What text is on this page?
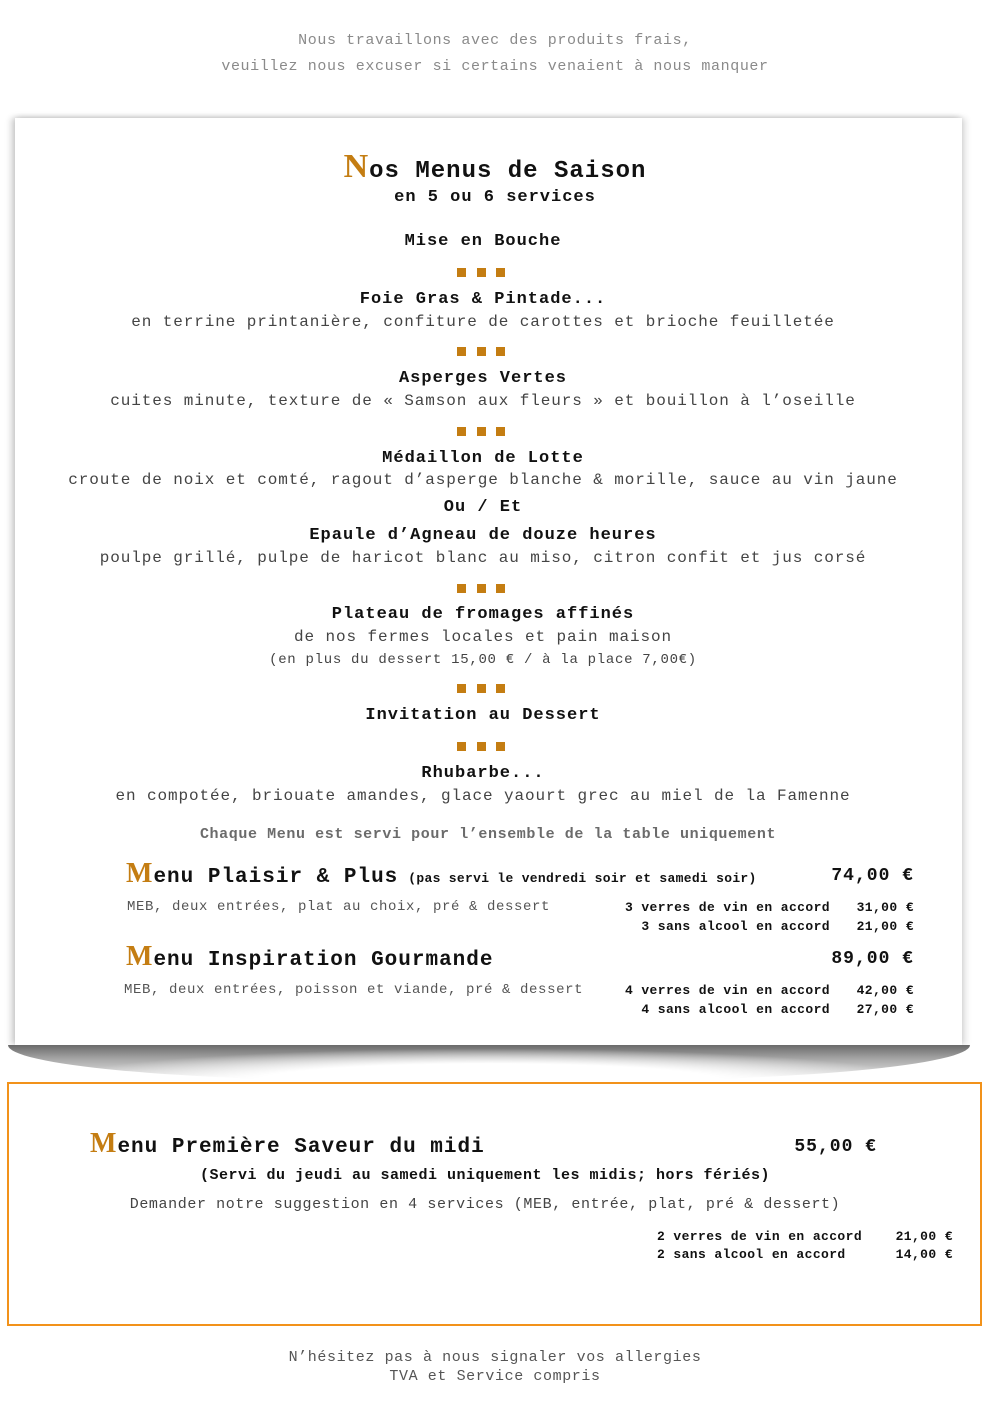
Nous travaillons avec des produits frais,
veuillez nous excuser si certains venaient à nous manquer
Nos Menus de Saison
en 5 ou 6 services
Mise en Bouche
Foie Gras & Pintade...
en terrine printanière, confiture de carottes et brioche feuilletée
Asperges Vertes
cuites minute, texture de « Samson aux fleurs » et bouillon à l’oseille
Médaillon de Lotte
croute de noix et comté, ragout d’asperge blanche & morille, sauce au vin jaune
Ou / Et
Epaule d’Agneau de douze heures
poulpe grillé, pulpe de haricot blanc au miso, citron confit et jus corsé
Plateau de fromages affinés
de nos fermes locales et pain maison
(en plus du dessert 15,00 € / à la place 7,00€)
Invitation au Dessert
Rhubarbe...
en compotée, briouate amandes, glace yaourt grec au miel de la Famenne
Chaque Menu est servi pour l’ensemble de la table uniquement
Menu Plaisir & Plus (pas servi le vendredi soir et samedi soir)	74,00 €
MEB, deux entrées, plat au choix, pré & dessert	3 verres de vin en accord 31,00 €
3 sans alcool en accord 21,00 €
Menu Inspiration Gourmande	89,00 €
MEB, deux entrées, poisson et viande, pré & dessert	4 verres de vin en accord 42,00 €
4 sans alcool en accord 27,00 €
Menu Première Saveur du midi	55,00 €
(Servi du jeudi au samedi uniquement les midis; hors fériés)
Demander notre suggestion en 4 services (MEB, entrée, plat, pré & dessert)
2 verres de vin en accord	21,00 €
2 sans alcool en accord	14,00 €
N’hésitez pas à nous signaler vos allergies
TVA et Service compris
